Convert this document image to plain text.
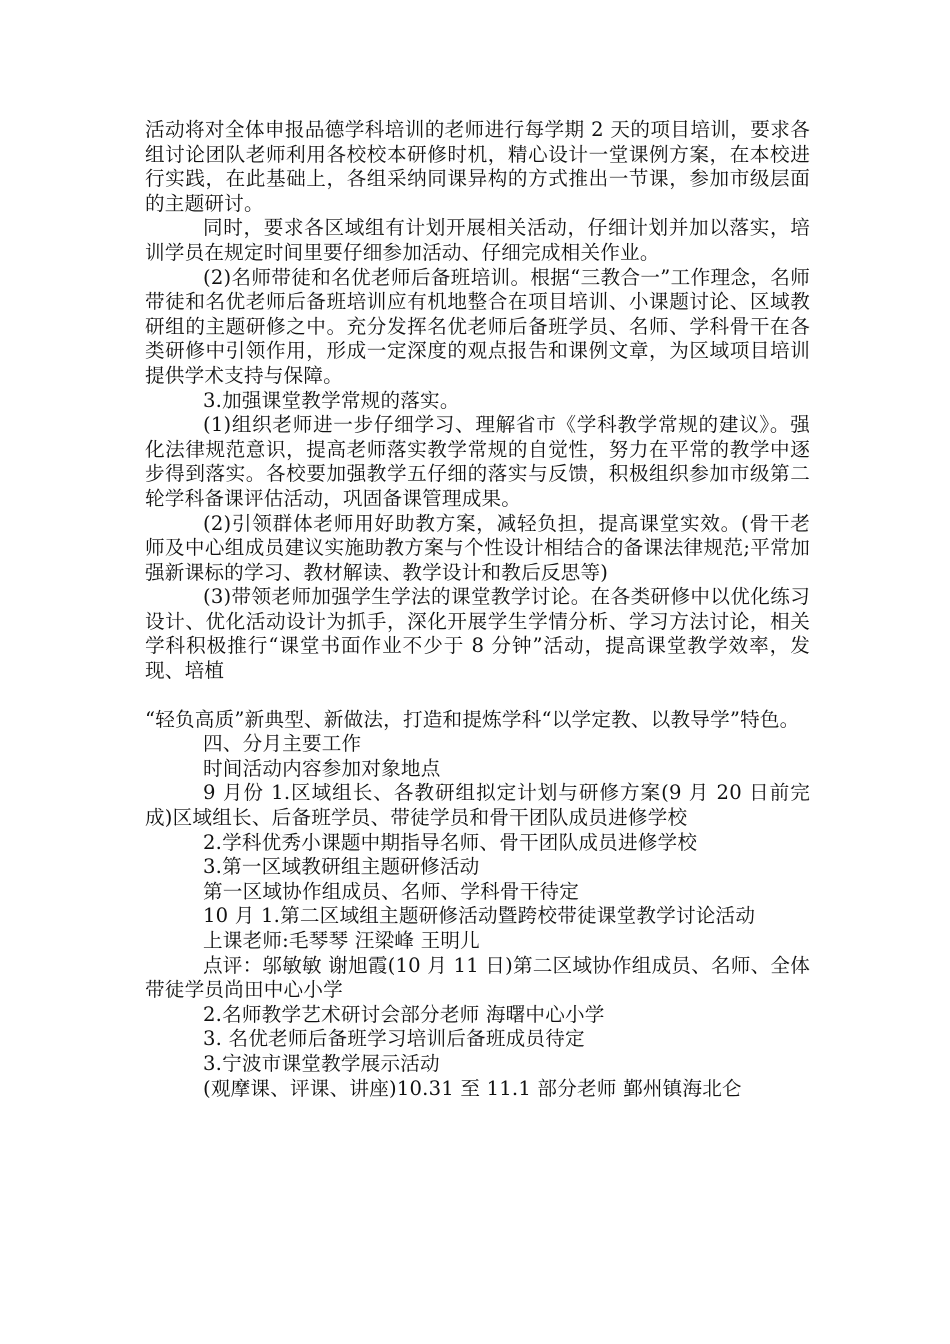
活动将对全体申报品德学科培训的老师进行每学期 2 天的项目培训，要求各组讨论团队老师利用各校校本研修时机，精心设计一堂课例方案，在本校进行实践，在此基础上，各组采纳同课异构的方式推出一节课，参加市级层面的主题研讨。

同时，要求各区域组有计划开展相关活动，仔细计划并加以落实，培训学员在规定时间里要仔细参加活动、仔细完成相关作业。

(2)名师带徒和名优老师后备班培训。根据“三教合一”工作理念，名师带徒和名优老师后备班培训应有机地整合在项目培训、小课题讨论、区域教研组的主题研修之中。充分发挥名优老师后备班学员、名师、学科骨干在各类研修中引领作用，形成一定深度的观点报告和课例文章，为区域项目培训提供学术支持与保障。

3.加强课堂教学常规的落实。

(1)组织老师进一步仔细学习、理解省市《学科教学常规的建议》。强化法律规范意识，提高老师落实教学常规的自觉性，努力在平常的教学中逐步得到落实。各校要加强教学五仔细的落实与反馈，积极组织参加市级第二轮学科备课评估活动，巩固备课管理成果。

(2)引领群体老师用好助教方案，减轻负担，提高课堂实效。(骨干老师及中心组成员建议实施助教方案与个性设计相结合的备课法律规范;平常加强新课标的学习、教材解读、教学设计和教后反思等)

(3)带领老师加强学生学法的课堂教学讨论。在各类研修中以优化练习设计、优化活动设计为抓手，深化开展学生学情分析、学习方法讨论，相关学科积极推行“课堂书面作业不少于 8 分钟”活动，提高课堂教学效率，发现、培植

“轻负高质”新典型、新做法，打造和提炼学科“以学定教、以教导学”特色。

四、分月主要工作

时间活动内容参加对象地点

9 月份 1.区域组长、各教研组拟定计划与研修方案(9 月 20 日前完成)区域组长、后备班学员、带徒学员和骨干团队成员进修学校

2.学科优秀小课题中期指导名师、骨干团队成员进修学校

3.第一区域教研组主题研修活动

第一区域协作组成员、名师、学科骨干待定

10 月 1.第二区域组主题研修活动暨跨校带徒课堂教学讨论活动

上课老师:毛琴琴 汪梁峰 王明儿

点评：邬敏敏 谢旭霞(10 月 11 日)第二区域协作组成员、名师、全体带徒学员尚田中心小学

2.名师教学艺术研讨会部分老师 海曙中心小学

3. 名优老师后备班学习培训后备班成员待定

3.宁波市课堂教学展示活动

(观摩课、评课、讲座)10.31 至 11.1 部分老师 鄞州镇海北仑
